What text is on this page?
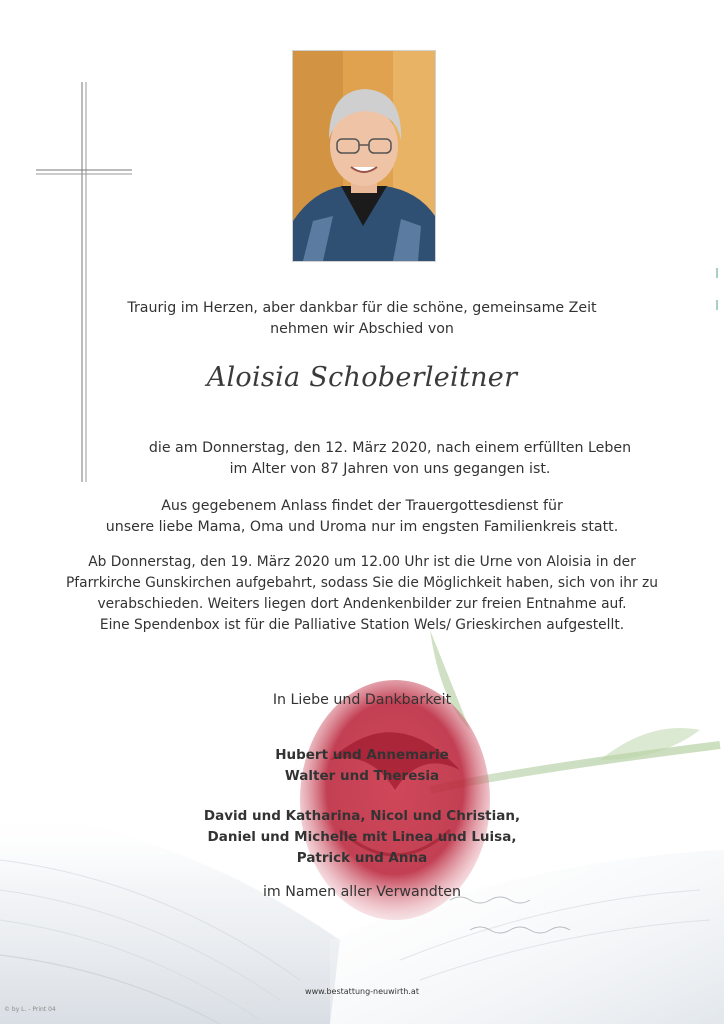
Traurig im Herzen, aber dankbar für die schöne, gemeinsame Zeit
nehmen wir Abschied von
Aloisia Schoberleitner
die am Donnerstag, den 12. März 2020, nach einem erfüllten Leben
im Alter von 87 Jahren von uns gegangen ist.
Aus gegebenem Anlass findet der Trauergottesdienst für
unsere liebe Mama, Oma und Uroma nur im engsten Familienkreis statt.
Ab Donnerstag, den 19. März 2020 um 12.00 Uhr ist die Urne von Aloisia in der
Pfarrkirche Gunskirchen aufgebahrt, sodass Sie die Möglichkeit haben, sich von ihr zu
verabschieden. Weiters liegen dort Andenkenbilder zur freien Entnahme auf.
Eine Spendenbox ist für die Palliative Station Wels/ Grieskirchen aufgestellt.
In Liebe und Dankbarkeit
Hubert und Annemarie
Walter und Theresia
David und Katharina, Nicol und Christian,
Daniel und Michelle mit Linea und Luisa,
Patrick und Anna
im Namen aller Verwandten
www.bestattung-neuwirth.at
© by L. - Print 04
